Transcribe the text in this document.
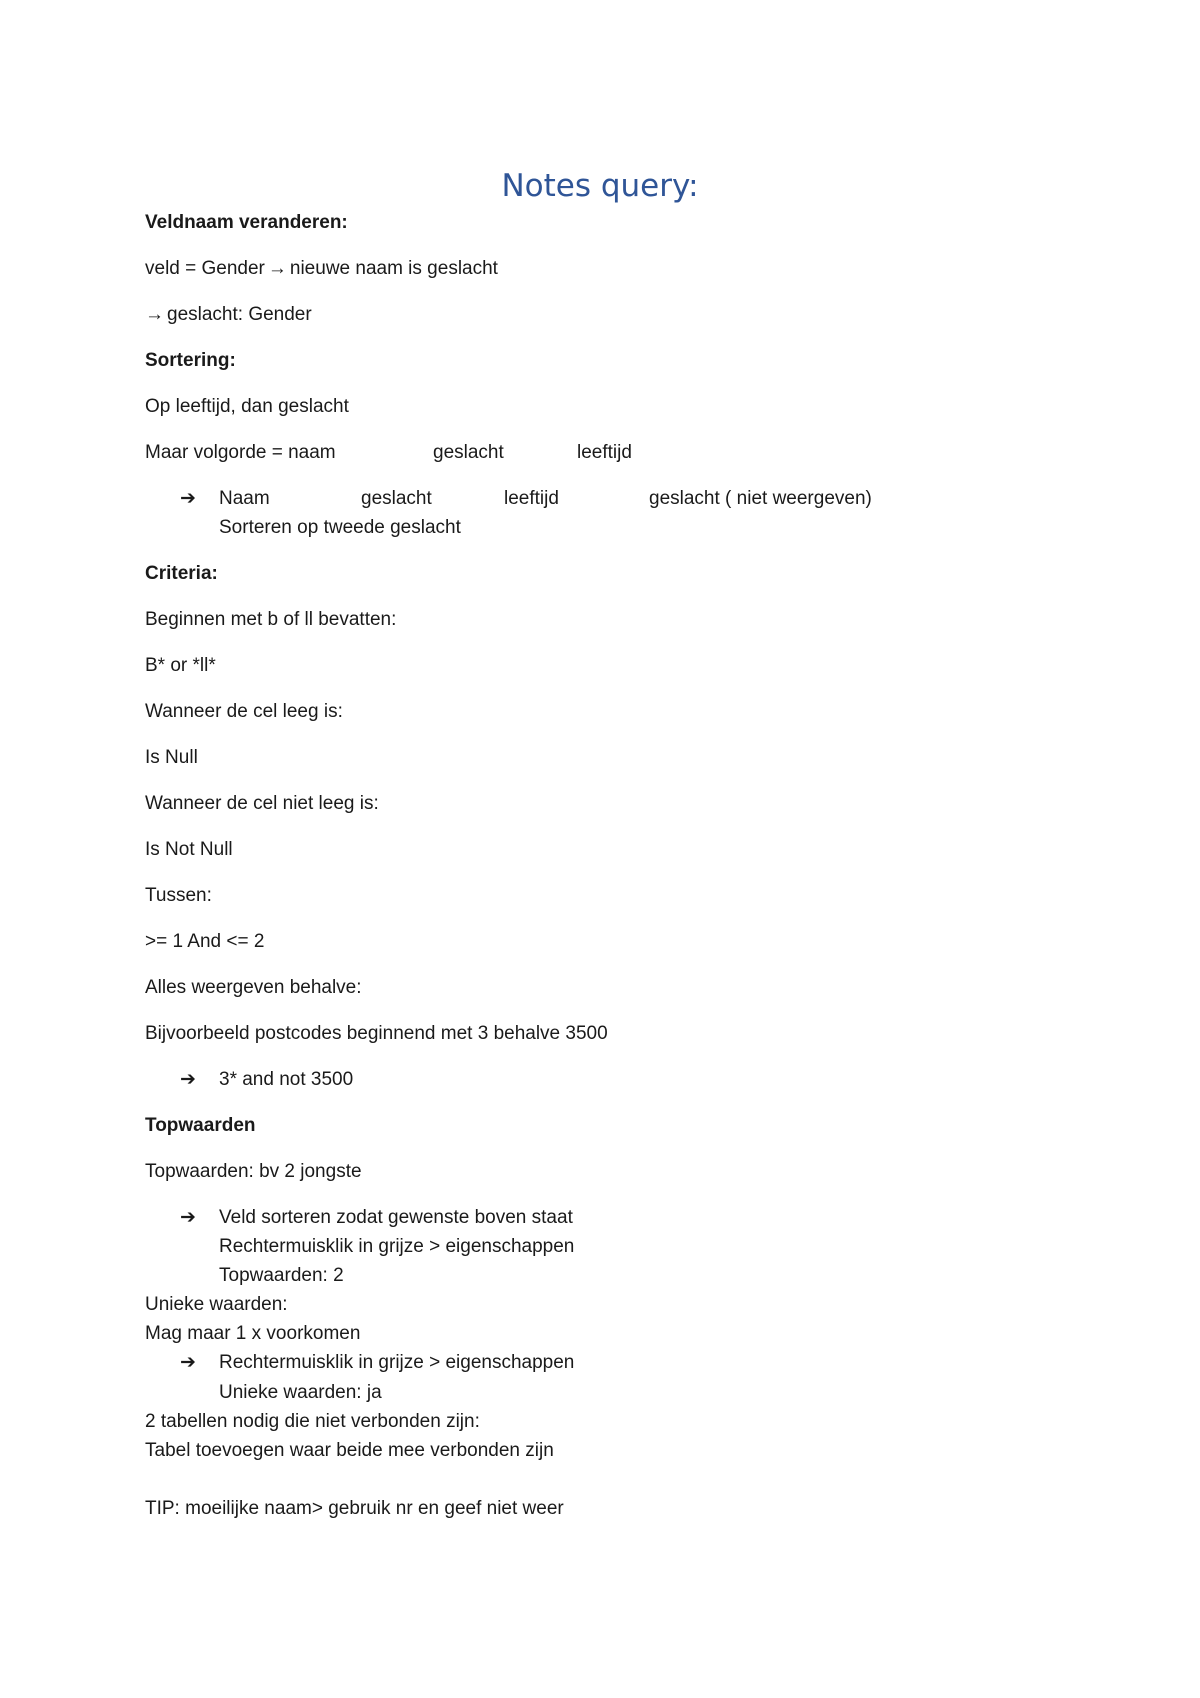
Notes query:
Veldnaam veranderen:
veld = Gender → nieuwe naam is geslacht
→ geslacht: Gender
Sortering:
Op leeftijd, dan geslacht
Maar volgorde = naam	geslacht	leeftijd
➔ Naam	geslacht	leeftijd	geslacht ( niet weergeven)
Sorteren op tweede geslacht
Criteria:
Beginnen met b of ll bevatten:
B* or *ll*
Wanneer de cel leeg is:
Is Null
Wanneer de cel niet leeg is:
Is Not Null
Tussen:
>= 1 And <= 2
Alles weergeven behalve:
Bijvoorbeeld postcodes beginnend met 3 behalve 3500
➔ 3* and not 3500
Topwaarden
Topwaarden: bv 2 jongste
➔ Veld sorteren zodat gewenste boven staat
Rechtermuisklik in grijze > eigenschappen
Topwaarden: 2
Unieke waarden:
Mag maar 1 x voorkomen
➔ Rechtermuisklik in grijze > eigenschappen
Unieke waarden: ja
2 tabellen nodig die niet verbonden zijn:
Tabel toevoegen waar beide mee verbonden zijn
TIP: moeilijke naam> gebruik nr en geef niet weer
